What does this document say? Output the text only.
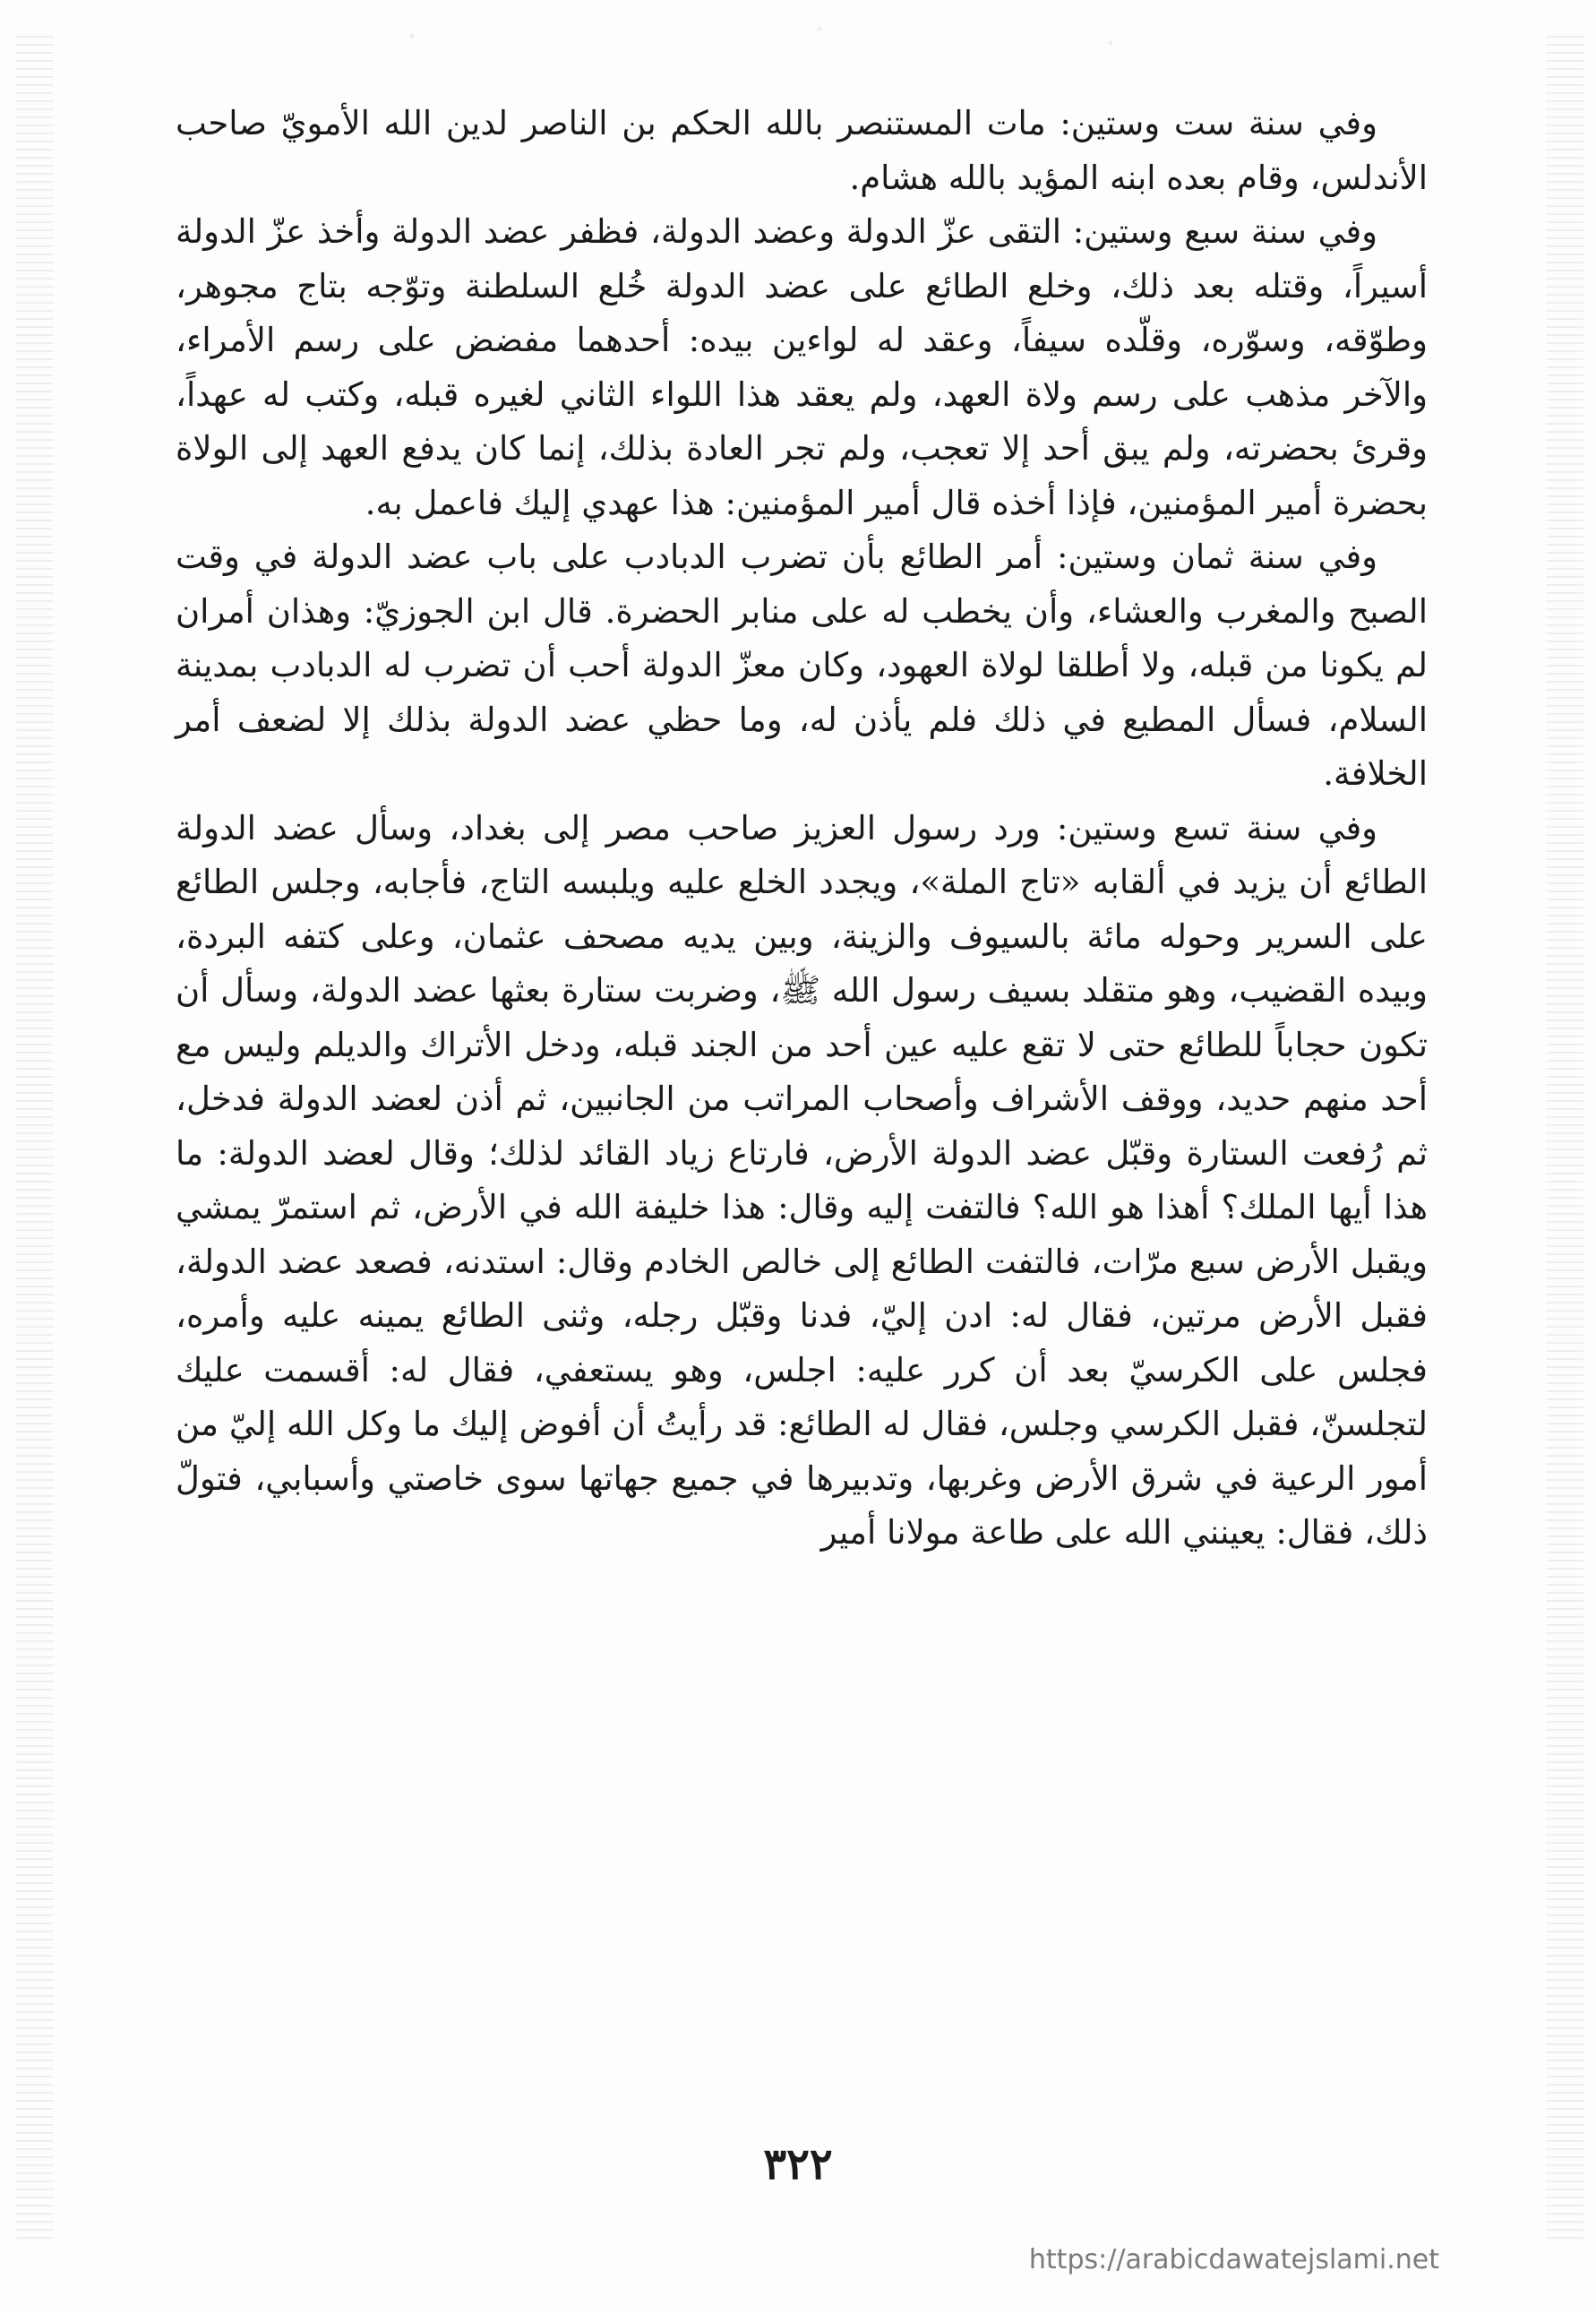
وفي سنة ست وستين: مات المستنصر بالله الحكم بن الناصر لدين الله الأمويّ صاحب الأندلس، وقام بعده ابنه المؤيد بالله هشام.

وفي سنة سبع وستين: التقى عزّ الدولة وعضد الدولة، فظفر عضد الدولة وأخذ عزّ الدولة أسيراً، وقتله بعد ذلك، وخلع الطائع على عضد الدولة خُلع السلطنة وتوّجه بتاج مجوهر، وطوّقه، وسوّره، وقلّده سيفاً، وعقد له لواءين بيده: أحدهما مفضض على رسم الأمراء، والآخر مذهب على رسم ولاة العهد، ولم يعقد هذا اللواء الثاني لغيره قبله، وكتب له عهداً، وقرئ بحضرته، ولم يبق أحد إلا تعجب، ولم تجر العادة بذلك، إنما كان يدفع العهد إلى الولاة بحضرة أمير المؤمنين، فإذا أخذه قال أمير المؤمنين: هذا عهدي إليك فاعمل به.

وفي سنة ثمان وستين: أمر الطائع بأن تضرب الدبادب على باب عضد الدولة في وقت الصبح والمغرب والعشاء، وأن يخطب له على منابر الحضرة. قال ابن الجوزيّ: وهذان أمران لم يكونا من قبله، ولا أطلقا لولاة العهود، وكان معزّ الدولة أحب أن تضرب له الدبادب بمدينة السلام، فسأل المطيع في ذلك فلم يأذن له، وما حظي عضد الدولة بذلك إلا لضعف أمر الخلافة.

وفي سنة تسع وستين: ورد رسول العزيز صاحب مصر إلى بغداد، وسأل عضد الدولة الطائع أن يزيد في ألقابه «تاج الملة»، ويجدد الخلع عليه ويلبسه التاج، فأجابه، وجلس الطائع على السرير وحوله مائة بالسيوف والزينة، وبين يديه مصحف عثمان، وعلى كتفه البردة، وبيده القضيب، وهو متقلد بسيف رسول الله ﷺ، وضربت ستارة بعثها عضد الدولة، وسأل أن تكون حجاباً للطائع حتى لا تقع عليه عين أحد من الجند قبله، ودخل الأتراك والديلم وليس مع أحد منهم حديد، ووقف الأشراف وأصحاب المراتب من الجانبين، ثم أذن لعضد الدولة فدخل، ثم رُفعت الستارة وقبّل عضد الدولة الأرض، فارتاع زياد القائد لذلك؛ وقال لعضد الدولة: ما هذا أيها الملك؟ أهذا هو الله؟ فالتفت إليه وقال: هذا خليفة الله في الأرض، ثم استمرّ يمشي ويقبل الأرض سبع مرّات، فالتفت الطائع إلى خالص الخادم وقال: استدنه، فصعد عضد الدولة، فقبل الأرض مرتين، فقال له: ادن إليّ، فدنا وقبّل رجله، وثنى الطائع يمينه عليه وأمره، فجلس على الكرسيّ بعد أن كرر عليه: اجلس، وهو يستعفي، فقال له: أقسمت عليك لتجلسنّ، فقبل الكرسي وجلس، فقال له الطائع: قد رأيتُ أن أفوض إليك ما وكل الله إليّ من أمور الرعية في شرق الأرض وغربها، وتدبيرها في جميع جهاتها سوى خاصتي وأسبابي، فتولّ ذلك، فقال: يعينني الله على طاعة مولانا أمير

٣٢٢
https://arabicdawatejslami.net
